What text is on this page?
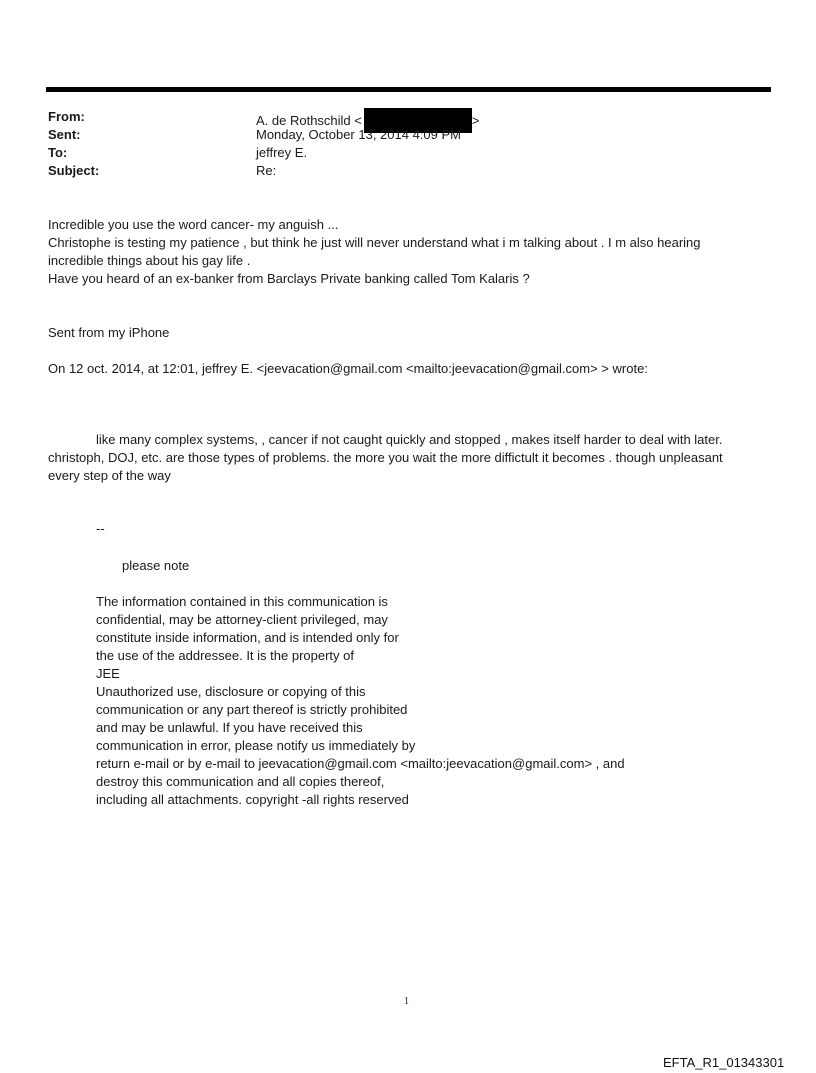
From:	A. de Rothschild <	>
Sent:	Monday, October 13, 2014 4:09 PM
To:	jeffrey E.
Subject:	Re:
Incredible you use the word cancer- my anguish ...
Christophe is testing my patience , but think he just will never understand what i m talking about . I m also hearing
incredible things about his gay life .
Have you heard of an ex-banker from Barclays Private banking called Tom Kalaris ?
Sent from my iPhone
On 12 oct. 2014, at 12:01, jeffrey E. <jeevacation@gmail.com <mailto:jeevacation@gmail.com> > wrote:
like many complex systems, , cancer if not caught quickly and stopped , makes itself harder to deal with later.
christoph, DOJ, etc. are those types of problems. the more you wait the more diffictult it becomes . though unpleasant
every step of the way
--
please note
The information contained in this communication is
confidential, may be attorney-client privileged, may
constitute inside information, and is intended only for
the use of the addressee. It is the property of
JEE
Unauthorized use, disclosure or copying of this
communication or any part thereof is strictly prohibited
and may be unlawful. If you have received this
communication in error, please notify us immediately by
return e-mail or by e-mail to jeevacation@gmail.com <mailto:jeevacation@gmail.com> , and
destroy this communication and all copies thereof,
including all attachments. copyright -all rights reserved
1
EFTA_R1_01343301
